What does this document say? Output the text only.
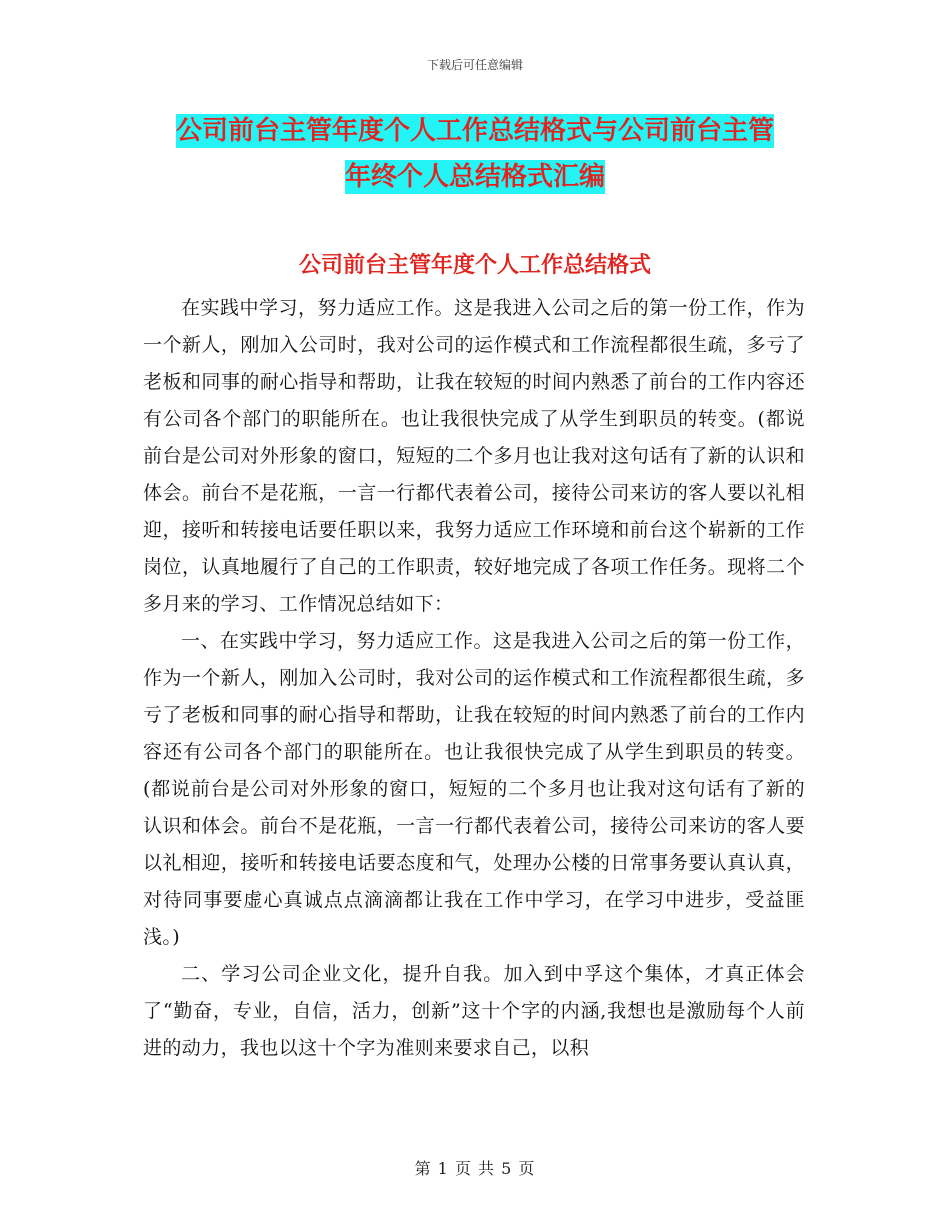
下载后可任意编辑
公司前台主管年度个人工作总结格式与公司前台主管
年终个人总结格式汇编
公司前台主管年度个人工作总结格式

在实践中学习，努力适应工作。这是我进入公司之后的第一份工作，作为一个新人，刚加入公司时，我对公司的运作模式和工作流程都很生疏，多亏了老板和同事的耐心指导和帮助，让我在较短的时间内熟悉了前台的工作内容还有公司各个部门的职能所在。也让我很快完成了从学生到职员的转变。(都说前台是公司对外形象的窗口，短短的二个多月也让我对这句话有了新的认识和体会。前台不是花瓶，一言一行都代表着公司，接待公司来访的客人要以礼相迎，接听和转接电话要任职以来，我努力适应工作环境和前台这个崭新的工作岗位，认真地履行了自己的工作职责，较好地完成了各项工作任务。现将二个多月来的学习、工作情况总结如下：

一、在实践中学习，努力适应工作。这是我进入公司之后的第一份工作，作为一个新人，刚加入公司时，我对公司的运作模式和工作流程都很生疏，多亏了老板和同事的耐心指导和帮助，让我在较短的时间内熟悉了前台的工作内容还有公司各个部门的职能所在。也让我很快完成了从学生到职员的转变。(都说前台是公司对外形象的窗口，短短的二个多月也让我对这句话有了新的认识和体会。前台不是花瓶，一言一行都代表着公司，接待公司来访的客人要以礼相迎，接听和转接电话要态度和气，处理办公楼的日常事务要认真认真，对待同事要虚心真诚点点滴滴都让我在工作中学习，在学习中进步，受益匪浅。)

二、学习公司企业文化，提升自我。加入到中孚这个集体，才真正体会了“勤奋，专业，自信，活力，创新”这十个字的内涵,我想也是激励每个人前进的动力，我也以这十个字为准则来要求自己，以积

第 1 页 共 5 页
